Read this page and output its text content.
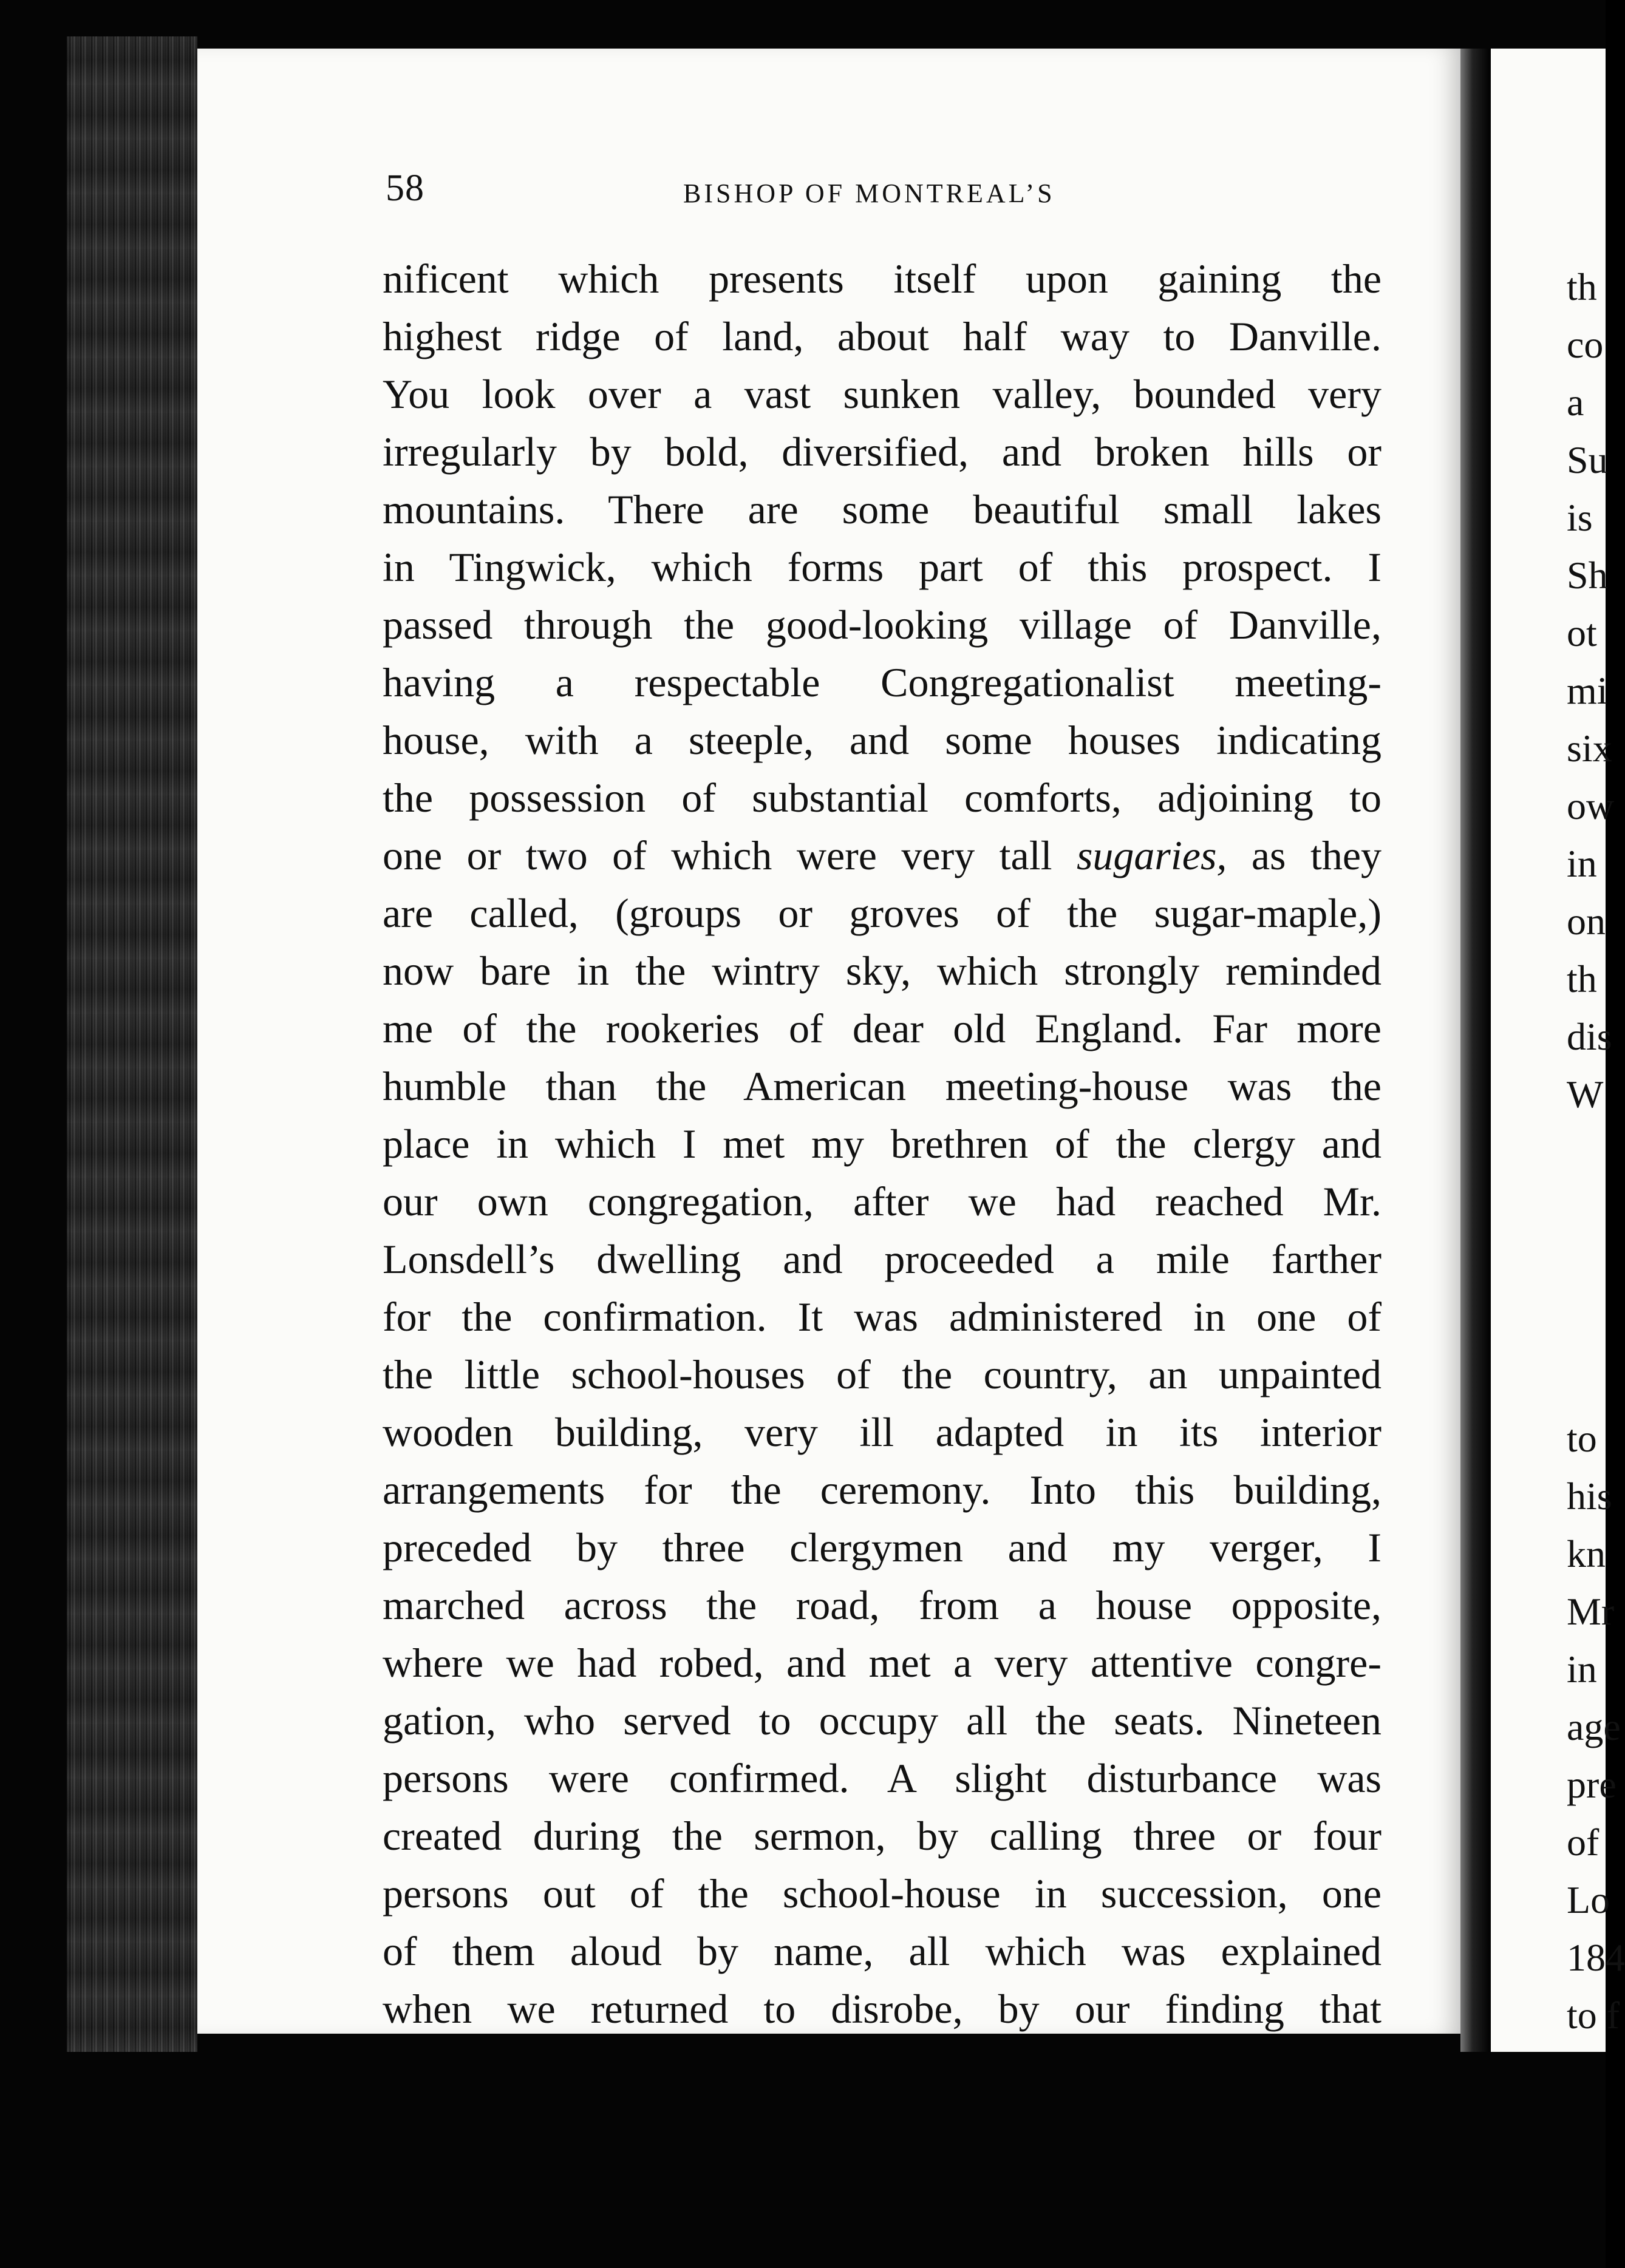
58	BISHOP OF MONTREAL’S
nificent which presents itself upon gaining the
highest ridge of land, about half way to Danville.
You look over a vast sunken valley, bounded very
irregularly by bold, diversified, and broken hills or
mountains. There are some beautiful small lakes
in Tingwick, which forms part of this prospect. I
passed through the good-looking village of Danville,
having a respectable Congregationalist meeting-
house, with a steeple, and some houses indicating
the possession of substantial comforts, adjoining to
one or two of which were very tall sugaries, as they
are called, (groups or groves of the sugar-maple,)
now bare in the wintry sky, which strongly reminded
me of the rookeries of dear old England. Far more
humble than the American meeting-house was the
place in which I met my brethren of the clergy and
our own congregation, after we had reached Mr.
Lonsdell’s dwelling and proceeded a mile farther
for the confirmation. It was administered in one of
the little school-houses of the country, an unpainted
wooden building, very ill adapted in its interior
arrangements for the ceremony. Into this building,
preceded by three clergymen and my verger, I
marched across the road, from a house opposite,
where we had robed, and met a very attentive congre-
gation, who served to occupy all the seats. Nineteen
persons were confirmed. A slight disturbance was
created during the sermon, by calling three or four
persons out of the school-house in succession, one
of them aloud by name, all which was explained
when we returned to disrobe, by our finding that
th
co
a
Su
is
Sh
ot
mi
six
ow
in
on
th
dis
W
to
his
kn
Mr
in
age
pre
of
Lo
184
to f
